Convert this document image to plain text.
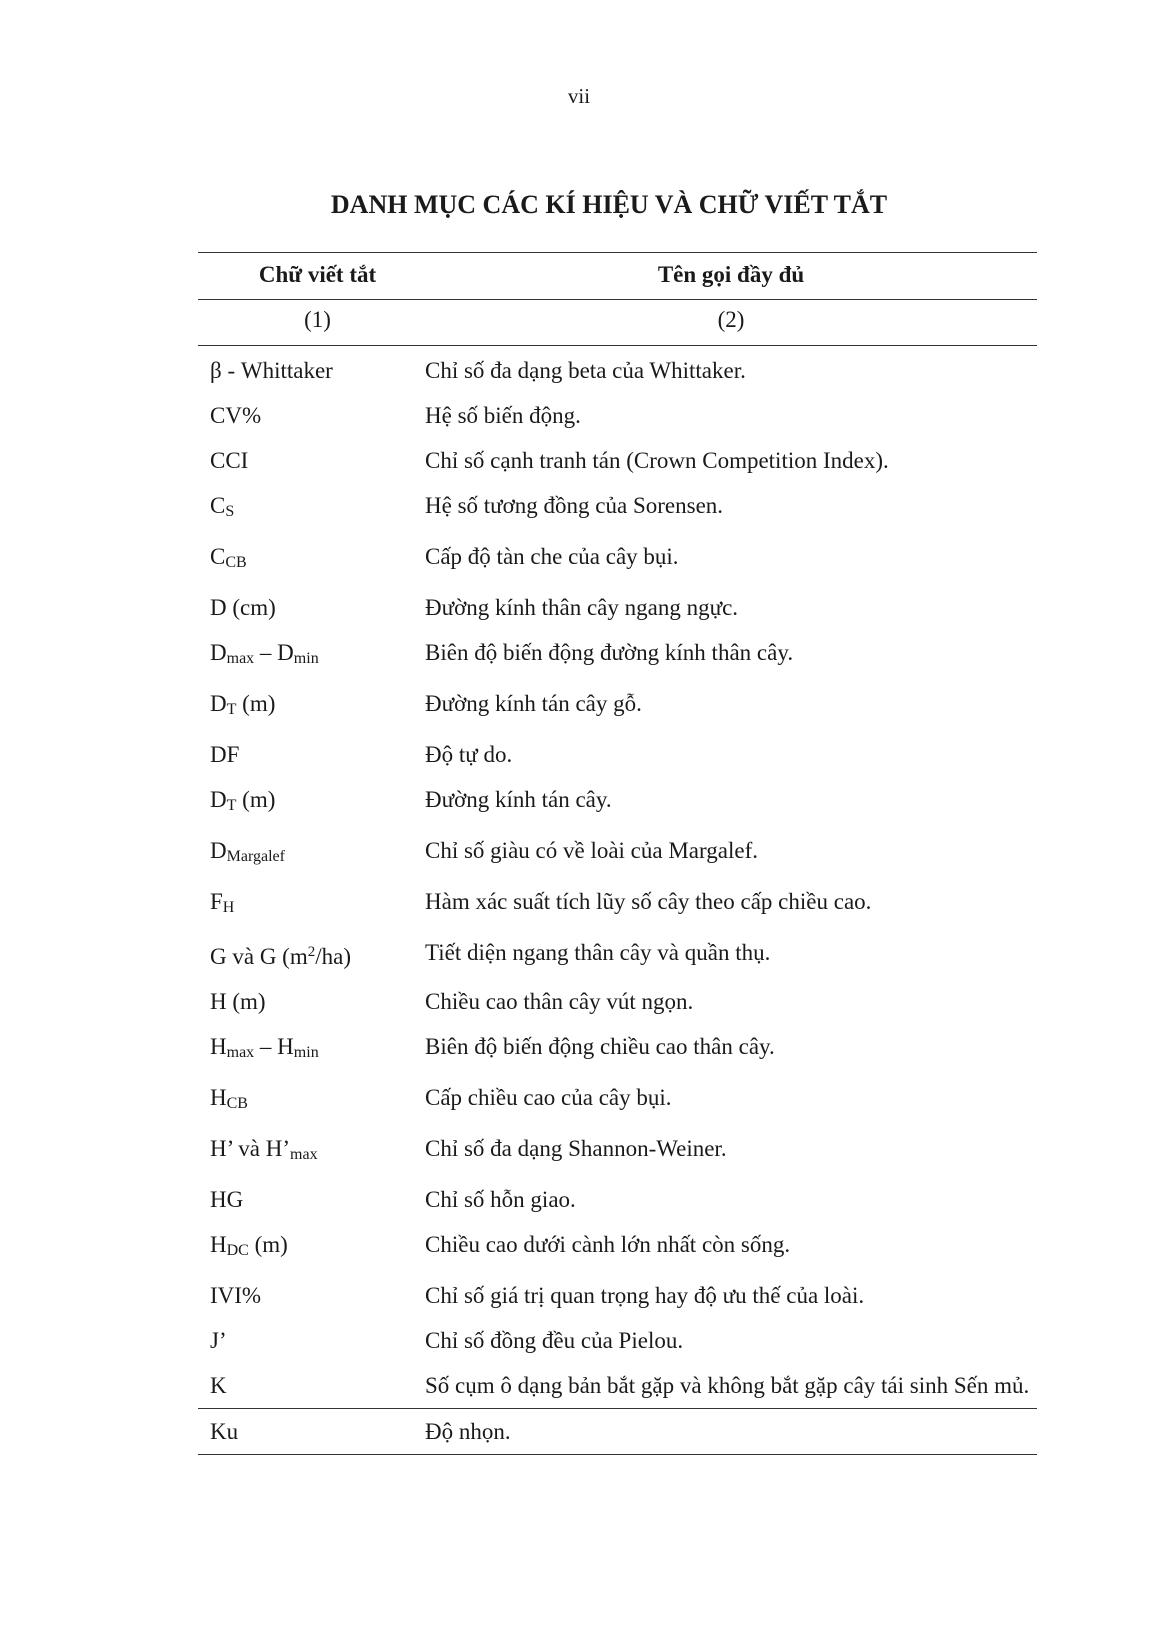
vii
DANH MỤC CÁC KÍ HIỆU VÀ CHỮ VIẾT TẮT
Chữ viết tắt	Tên gọi đầy đủ
(1)	(2)
β - Whittaker	Chỉ số đa dạng beta của Whittaker.
CV%	Hệ số biến động.
CCI	Chỉ số cạnh tranh tán (Crown Competition Index).
CS	Hệ số tương đồng của Sorensen.
CCB	Cấp độ tàn che của cây bụi.
D (cm)	Đường kính thân cây ngang ngực.
Dmax – Dmin	Biên độ biến động đường kính thân cây.
DT (m)	Đường kính tán cây gỗ.
DF	Độ tự do.
DT (m)	Đường kính tán cây.
DMargalef	Chỉ số giàu có về loài của Margalef.
FH	Hàm xác suất tích lũy số cây theo cấp chiều cao.
G và G $(m^2/ha)$	Tiết diện ngang thân cây và quần thụ.
H (m)	Chiều cao thân cây vút ngọn.
Hmax – Hmin	Biên độ biến động chiều cao thân cây.
HCB	Cấp chiều cao của cây bụi.
H’ và H’max	Chỉ số đa dạng Shannon-Weiner.
HG	Chỉ số hỗn giao.
HDC (m)	Chiều cao dưới cành lớn nhất còn sống.
IVI%	Chỉ số giá trị quan trọng hay độ ưu thế của loài.
J’	Chỉ số đồng đều của Pielou.
K	Số cụm ô dạng bản bắt gặp và không bắt gặp cây tái sinh Sến mủ.
Ku	Độ nhọn.
